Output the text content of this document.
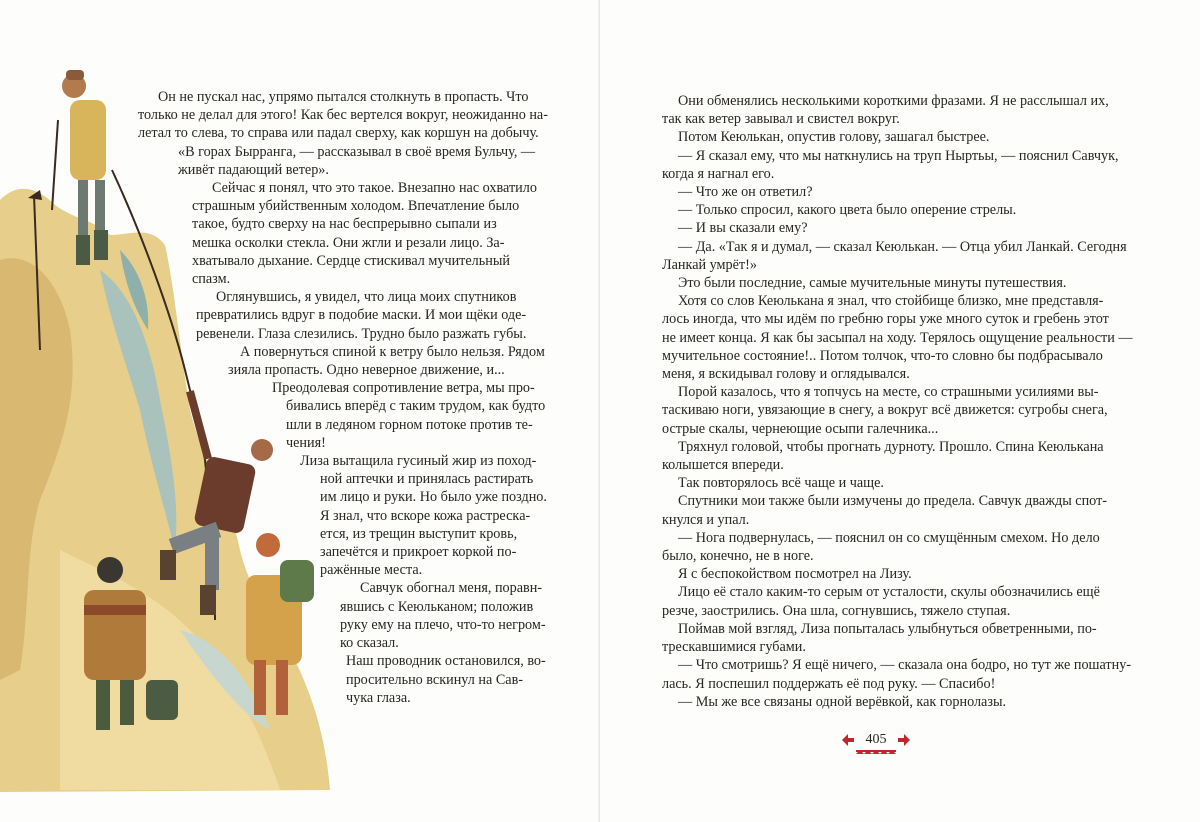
Он не пускал нас, упрямо пытался столкнуть в пропасть. Что

только не делал для этого! Как бес вертелся вокруг, неожиданно на-

летал то слева, то справа или падал сверху, как коршун на добычу.

«В горах Бырранга, — рассказывал в своё время Бульчу, —

живёт падающий ветер».

Сейчас я понял, что это такое. Внезапно нас охватило

страшным убийственным холодом. Впечатление было

такое, будто сверху на нас беспрерывно сыпали из

мешка осколки стекла. Они жгли и резали лицо. За-

хватывало дыхание. Сердце стискивал мучительный

спазм.

Оглянувшись, я увидел, что лица моих спутников

превратились вдруг в подобие маски. И мои щёки оде-

ревенели. Глаза слезились. Трудно было разжать губы.

А повернуться спиной к ветру было нельзя. Рядом

зияла пропасть. Одно неверное движение, и...

Преодолевая сопротивление ветра, мы про-

бивались вперёд с таким трудом, как будто

шли в ледяном горном потоке против те-

чения!

Лиза вытащила гусиный жир из поход-

ной аптечки и принялась растирать

им лицо и руки. Но было уже поздно.

Я знал, что вскоре кожа растрескa-

ется, из трещин выступит кровь,

запечётся и прикроет коркой по-

ражённые места.

Савчук обогнал меня, поравн-

явшись с Кеюльканом; положив

руку ему на плечо, что-то негром-

ко сказал.

Наш проводник остановился, во-

просительно вскинул на Сав-

чука глаза.

Они обменялись несколькими короткими фразами. Я не расслышал их,

так как ветер завывал и свистел вокруг.

Потом Кеюлькан, опустив голову, зашагал быстрее.

— Я сказал ему, что мы наткнулись на труп Ныртьы, — пояснил Савчук,

когда я нагнал его.

— Что же он ответил?

— Только спросил, какого цвета было оперение стрелы.

— И вы сказали ему?

— Да. «Так я и думал, — сказал Кеюлькан. — Отца убил Ланкай. Сегодня

Ланкай умрёт!»

Это были последние, самые мучительные минуты путешествия.

Хотя со слов Кеюлькана я знал, что стойбище близко, мне представля-

лось иногда, что мы идём по гребню горы уже много суток и гребень этот

не имеет конца. Я как бы засыпал на ходу. Терялось ощущение реальности —

мучительное состояние!.. Потом толчок, что-то словно бы подбрасывало

меня, я вскидывал голову и оглядывался.

Порой казалось, что я топчусь на месте, со страшными усилиями вы-

таскиваю ноги, увязающие в снегу, а вокруг всё движется: сугробы снега,

острые скалы, чернеющие осыпи галечника...

Тряхнул головой, чтобы прогнать дурноту. Прошло. Спина Кеюлькана

колышется впереди.

Так повторялось всё чаще и чаще.

Спутники мои также были измучены до предела. Савчук дважды спот-

кнулся и упал.

— Нога подвернулась, — пояснил он со смущённым смехом. Но дело

было, конечно, не в ноге.

Я с беспокойством посмотрел на Лизу.

Лицо её стало каким-то серым от усталости, скулы обозначились ещё

резче, заострились. Она шла, согнувшись, тяжело ступая.

Поймав мой взгляд, Лиза попыталась улыбнуться обветренными, по-

трескавшимися губами.

— Что смотришь? Я ещё ничего, — сказала она бодро, но тут же пошатну-

лась. Я поспешил поддержать её под руку. — Спасибо!

— Мы же все связаны одной верёвкой, как горнолазы.

405
